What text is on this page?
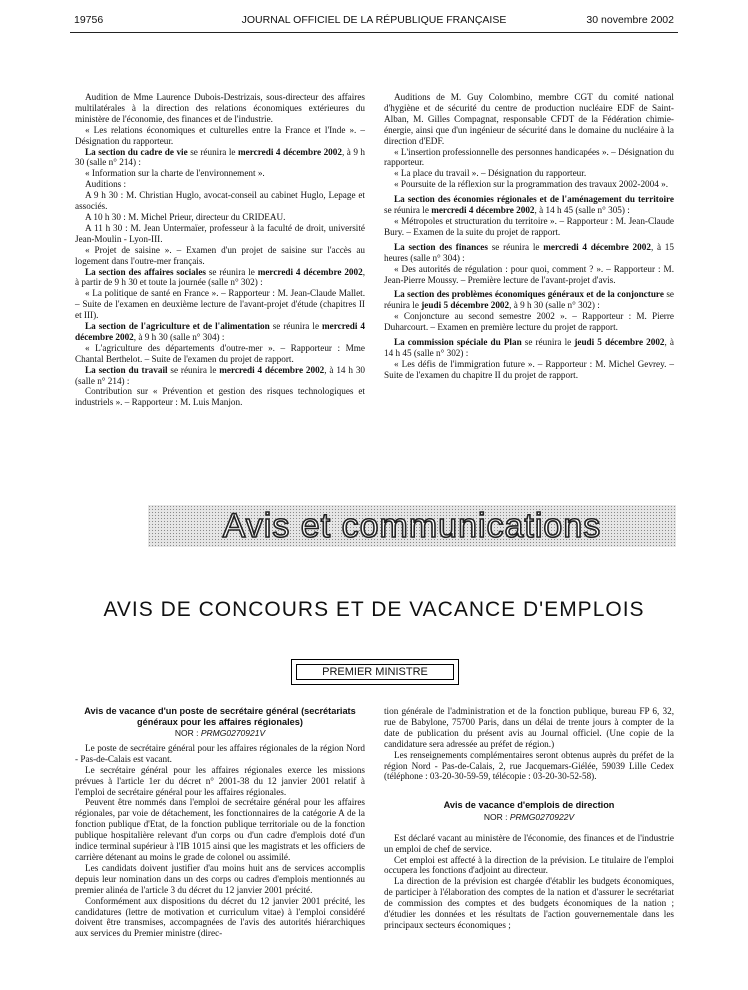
19756	JOURNAL OFFICIEL DE LA RÉPUBLIQUE FRANÇAISE	30 novembre 2002

Audition de Mme Laurence Dubois-Destrizais, sous-directeur des affaires multilatérales à la direction des relations économiques extérieures du ministère de l'économie, des finances et de l'industrie.

« Les relations économiques et culturelles entre la France et l'Inde ». – Désignation du rapporteur.

La section du cadre de vie se réunira le mercredi 4 décembre 2002, à 9 h 30 (salle n° 214) :

« Information sur la charte de l'environnement ».

Auditions :

A 9 h 30 : M. Christian Huglo, avocat-conseil au cabinet Huglo, Lepage et associés.

A 10 h 30 : M. Michel Prieur, directeur du CRIDEAU.

A 11 h 30 : M. Jean Untermaïer, professeur à la faculté de droit, université Jean-Moulin - Lyon-III.

« Projet de saisine ». – Examen d'un projet de saisine sur l'accès au logement dans l'outre-mer français.

La section des affaires sociales se réunira le mercredi 4 décembre 2002, à partir de 9 h 30 et toute la journée (salle n° 302) :

« La politique de santé en France ». – Rapporteur : M. Jean-Claude Mallet. – Suite de l'examen en deuxième lecture de l'avant-projet d'étude (chapitres II et III).

La section de l'agriculture et de l'alimentation se réunira le mercredi 4 décembre 2002, à 9 h 30 (salle n° 304) :

« L'agriculture des départements d'outre-mer ». – Rapporteur : Mme Chantal Berthelot. – Suite de l'examen du projet de rapport.

La section du travail se réunira le mercredi 4 décembre 2002, à 14 h 30 (salle n° 214) :

Contribution sur « Prévention et gestion des risques technologiques et industriels ». – Rapporteur : M. Luis Manjon.

Auditions de M. Guy Colombino, membre CGT du comité national d'hygiène et de sécurité du centre de production nucléaire EDF de Saint-Alban, M. Gilles Compagnat, responsable CFDT de la Fédération chimie-énergie, ainsi que d'un ingénieur de sécurité dans le domaine du nucléaire à la direction d'EDF.

« L'insertion professionnelle des personnes handicapées ». – Désignation du rapporteur.

« La place du travail ». – Désignation du rapporteur.

« Poursuite de la réflexion sur la programmation des travaux 2002-2004 ».

La section des économies régionales et de l'aménagement du territoire se réunira le mercredi 4 décembre 2002, à 14 h 45 (salle n° 305) :

« Métropoles et structuration du territoire ». – Rapporteur : M. Jean-Claude Bury. – Examen de la suite du projet de rapport.

La section des finances se réunira le mercredi 4 décembre 2002, à 15 heures (salle n° 304) :

« Des autorités de régulation : pour quoi, comment ? ». – Rapporteur : M. Jean-Pierre Moussy. – Première lecture de l'avant-projet d'avis.

La section des problèmes économiques généraux et de la conjoncture se réunira le jeudi 5 décembre 2002, à 9 h 30 (salle n° 302) :

« Conjoncture au second semestre 2002 ». – Rapporteur : M. Pierre Duharcourt. – Examen en première lecture du projet de rapport.

La commission spéciale du Plan se réunira le jeudi 5 décembre 2002, à 14 h 45 (salle n° 302) :

« Les défis de l'immigration future ». – Rapporteur : M. Michel Gevrey. – Suite de l'examen du chapitre II du projet de rapport.

Avis et communications
AVIS DE CONCOURS ET DE VACANCE D'EMPLOIS
PREMIER MINISTRE
Avis de vacance d'un poste de secrétaire général (secrétariats généraux pour les affaires régionales)
NOR : PRMG0270921V

Le poste de secrétaire général pour les affaires régionales de la région Nord - Pas-de-Calais est vacant.

Le secrétaire général pour les affaires régionales exerce les missions prévues à l'article 1er du décret n° 2001-38 du 12 janvier 2001 relatif à l'emploi de secrétaire général pour les affaires régionales.

Peuvent être nommés dans l'emploi de secrétaire général pour les affaires régionales, par voie de détachement, les fonctionnaires de la catégorie A de la fonction publique d'Etat, de la fonction publique territoriale ou de la fonction publique hospitalière relevant d'un corps ou d'un cadre d'emplois doté d'un indice terminal supérieur à l'IB 1015 ainsi que les magistrats et les officiers de carrière détenant au moins le grade de colonel ou assimilé.

Les candidats doivent justifier d'au moins huit ans de services accomplis depuis leur nomination dans un des corps ou cadres d'emplois mentionnés au premier alinéa de l'article 3 du décret du 12 janvier 2001 précité.

Conformément aux dispositions du décret du 12 janvier 2001 précité, les candidatures (lettre de motivation et curriculum vitae) à l'emploi considéré doivent être transmises, accompagnées de l'avis des autorités hiérarchiques aux services du Premier ministre (direc-

tion générale de l'administration et de la fonction publique, bureau FP 6, 32, rue de Babylone, 75700 Paris, dans un délai de trente jours à compter de la date de publication du présent avis au Journal officiel. (Une copie de la candidature sera adressée au préfet de région.)

Les renseignements complémentaires seront obtenus auprès du préfet de la région Nord - Pas-de-Calais, 2, rue Jacquemars-Giélée, 59039 Lille Cedex (téléphone : 03-20-30-59-59, télécopie : 03-20-30-52-58).

Avis de vacance d'emplois de direction
NOR : PRMG0270922V

Est déclaré vacant au ministère de l'économie, des finances et de l'industrie un emploi de chef de service.

Cet emploi est affecté à la direction de la prévision. Le titulaire de l'emploi occupera les fonctions d'adjoint au directeur.

La direction de la prévision est chargée d'établir les budgets économiques, de participer à l'élaboration des comptes de la nation et d'assurer le secrétariat de commission des comptes et des budgets économiques de la nation ; d'étudier les données et les résultats de l'action gouvernementale dans les principaux secteurs économiques ;
